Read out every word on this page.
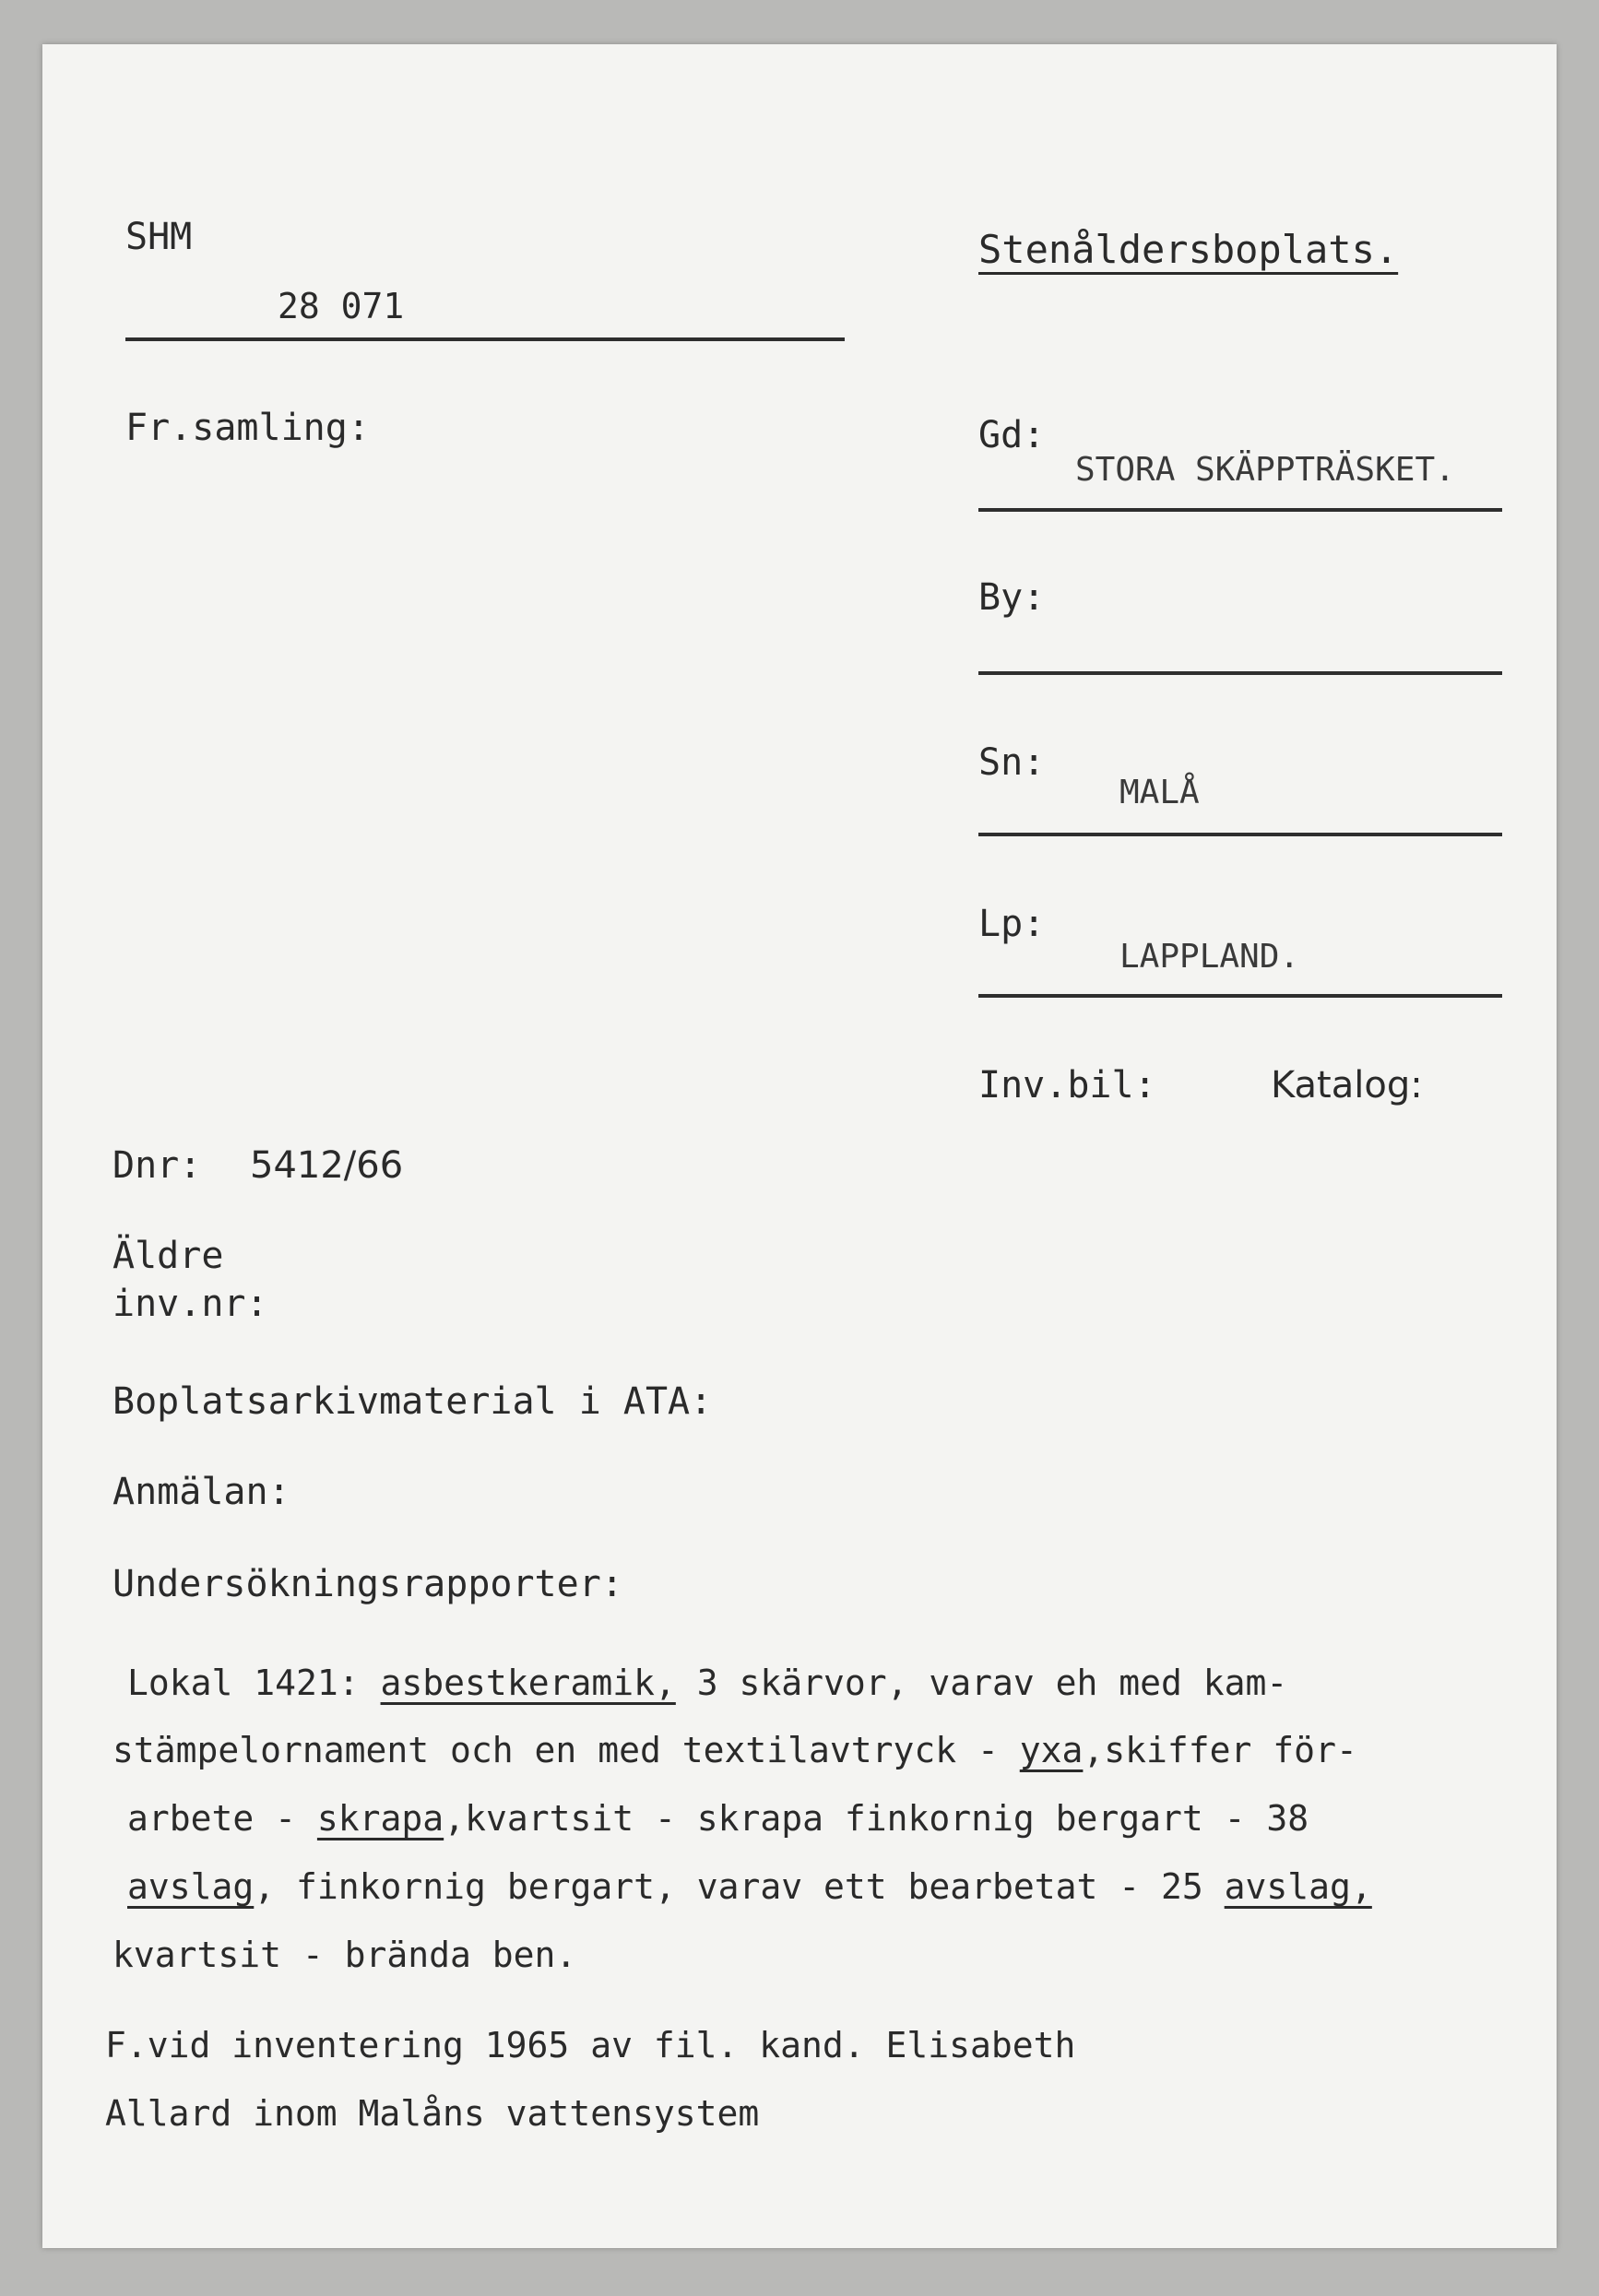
SHM
28 071
Stenåldersboplats.
Fr.samling:	Gd:
STORA SKÄPPTRÄSKET.
By:
Sn:
MALÅ
Lp:
LAPPLAND.
Inv.bil:	Katalog:
Dnr: 5412/66
Äldre
inv.nr:
Boplatsarkivmaterial i ATA:
Anmälan:
Undersökningsrapporter:
Lokal 1421: asbestkeramik, 3 skärvor, varav eh med kam-
stämpelornament och en med textilavtryck - yxa,skiffer för-
arbete - skrapa,kvartsit - skrapa finkornig bergart - 38
avslag, finkornig bergart, varav ett bearbetat - 25 avslag,
kvartsit - brända ben.
F.vid inventering 1965 av fil. kand. Elisabeth
Allard inom Malåns vattensystem
